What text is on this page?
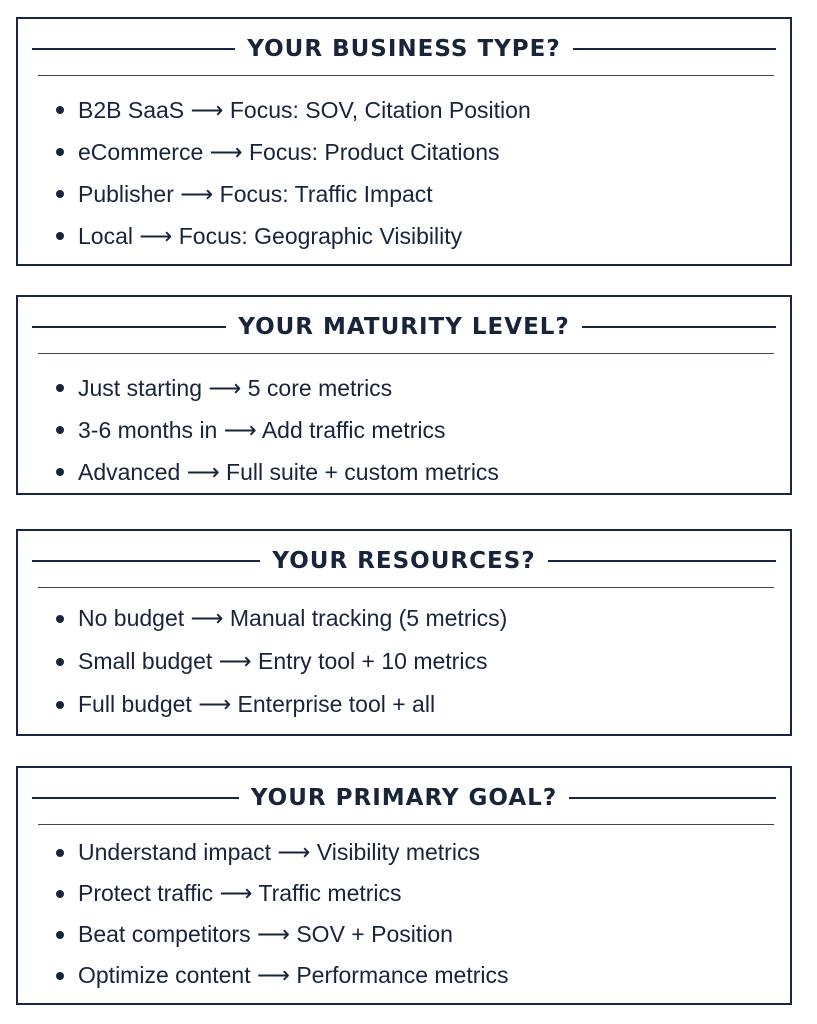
YOUR BUSINESS TYPE?
B2B SaaS ⟶ Focus: SOV, Citation Position
eCommerce ⟶ Focus: Product Citations
Publisher ⟶ Focus: Traffic Impact
Local ⟶ Focus: Geographic Visibility
YOUR MATURITY LEVEL?
Just starting ⟶ 5 core metrics
3-6 months in ⟶ Add traffic metrics
Advanced ⟶ Full suite + custom metrics
YOUR RESOURCES?
No budget ⟶ Manual tracking (5 metrics)
Small budget ⟶ Entry tool + 10 metrics
Full budget ⟶ Enterprise tool + all
YOUR PRIMARY GOAL?
Understand impact ⟶ Visibility metrics
Protect traffic ⟶ Traffic metrics
Beat competitors ⟶ SOV + Position
Optimize content ⟶ Performance metrics
